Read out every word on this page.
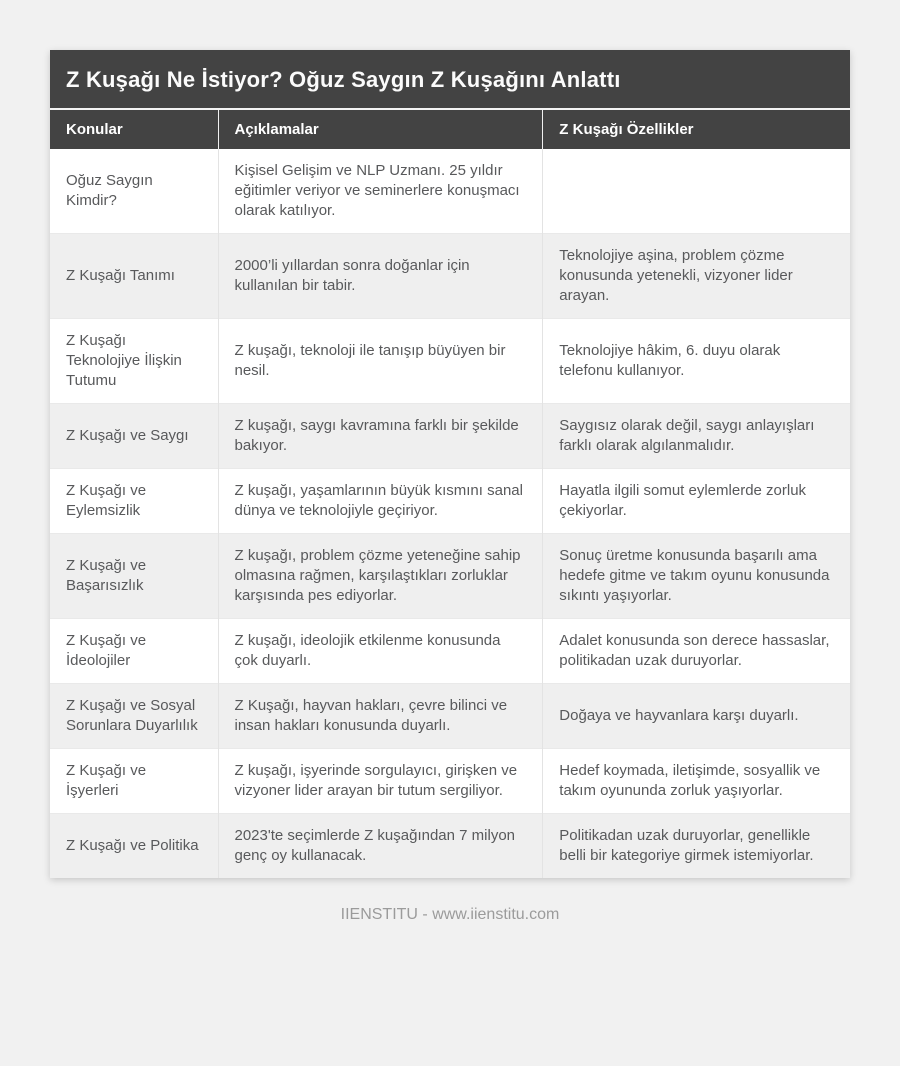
Z Kuşağı Ne İstiyor? Oğuz Saygın Z Kuşağını Anlattı
Konular	Açıklamalar	Z Kuşağı Özellikler
Oğuz Saygın Kimdir?	Kişisel Gelişim ve NLP Uzmanı. 25 yıldır eğitimler veriyor ve seminerlere konuşmacı olarak katılıyor.	
Z Kuşağı Tanımı	2000’li yıllardan sonra doğanlar için kullanılan bir tabir.	Teknolojiye aşina, problem çözme konusunda yetenekli, vizyoner lider arayan.
Z Kuşağı Teknolojiye İlişkin Tutumu	Z kuşağı, teknoloji ile tanışıp büyüyen bir nesil.	Teknolojiye hâkim, 6. duyu olarak telefonu kullanıyor.
Z Kuşağı ve Saygı	Z kuşağı, saygı kavramına farklı bir şekilde bakıyor.	Saygısız olarak değil, saygı anlayışları farklı olarak algılanmalıdır.
Z Kuşağı ve Eylemsizlik	Z kuşağı, yaşamlarının büyük kısmını sanal dünya ve teknolojiyle geçiriyor.	Hayatla ilgili somut eylemlerde zorluk çekiyorlar.
Z Kuşağı ve Başarısızlık	Z kuşağı, problem çözme yeteneğine sahip olmasına rağmen, karşılaştıkları zorluklar karşısında pes ediyorlar.	Sonuç üretme konusunda başarılı ama hedefe gitme ve takım oyunu konusunda sıkıntı yaşıyorlar.
Z Kuşağı ve İdeolojiler	Z kuşağı, ideolojik etkilenme konusunda çok duyarlı.	Adalet konusunda son derece hassaslar, politikadan uzak duruyorlar.
Z Kuşağı ve Sosyal Sorunlara Duyarlılık	Z Kuşağı, hayvan hakları, çevre bilinci ve insan hakları konusunda duyarlı.	Doğaya ve hayvanlara karşı duyarlı.
Z Kuşağı ve İşyerleri	Z kuşağı, işyerinde sorgulayıcı, girişken ve vizyoner lider arayan bir tutum sergiliyor.	Hedef koymada, iletişimde, sosyallik ve takım oyununda zorluk yaşıyorlar.
Z Kuşağı ve Politika	2023'te seçimlerde Z kuşağından 7 milyon genç oy kullanacak.	Politikadan uzak duruyorlar, genellikle belli bir kategoriye girmek istemiyorlar.
IIENSTITU - www.iienstitu.com
